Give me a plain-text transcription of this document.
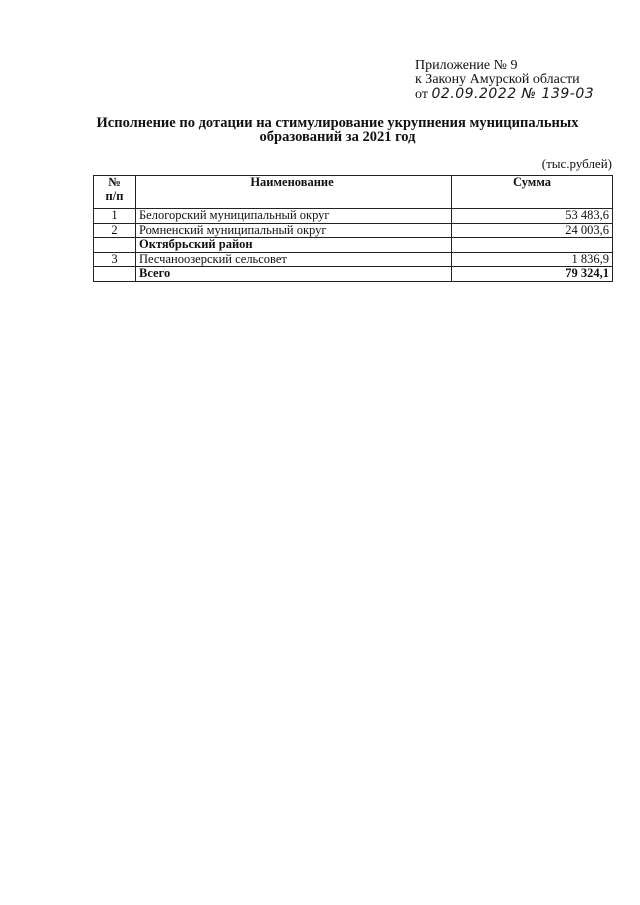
Приложение № 9
к Закону Амурской области
от 02.09.2022 № 139-03
Исполнение по дотации на стимулирование укрупнения муниципальных
образований за 2021 год
(тыс.рублей)
№
п/п	Наименование	Сумма
1	Белогорский муниципальный округ	53 483,6
2	Ромненский муниципальный округ	24 003,6
	Октябрьский район	
3	Песчаноозерский сельсовет	1 836,9
	Всего	79 324,1
